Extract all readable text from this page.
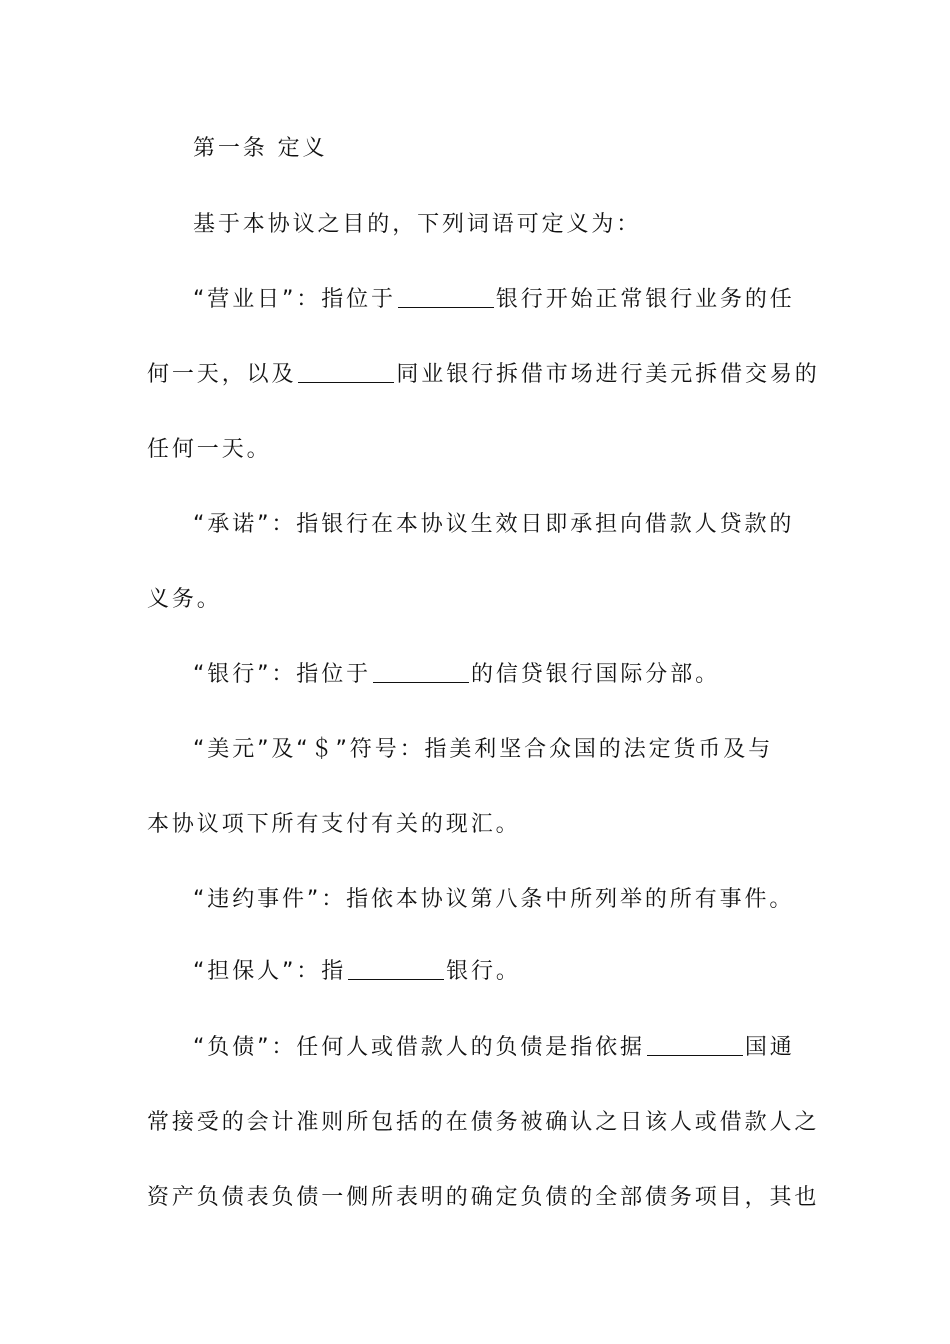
第一条 定义
基于本协议之目的，下列词语可定义为：
“营业日”：指位于	银行开始正常银行业务的任
何一天，以及	同业银行拆借市场进行美元拆借交易的
任何一天。
“承诺”：指银行在本协议生效日即承担向借款人贷款的
义务。
“银行”：指位于	的信贷银行国际分部。
“美元”及“＄”符号：指美利坚合众国的法定货币及与
本协议项下所有支付有关的现汇。
“违约事件”：指依本协议第八条中所列举的所有事件。
“担保人”：指	银行。
“负债”：任何人或借款人的负债是指依据	国通
常接受的会计准则所包括的在债务被确认之日该人或借款人之
资产负债表负债一侧所表明的确定负债的全部债务项目，其也
